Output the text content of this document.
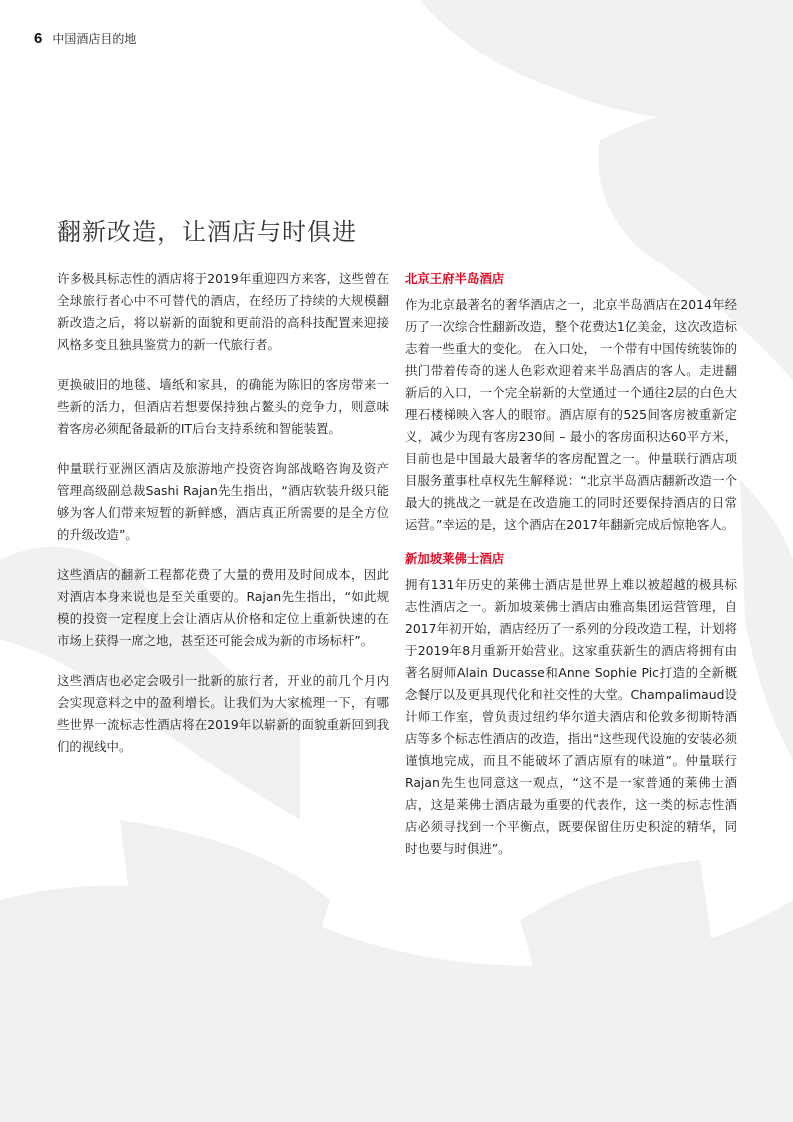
6 中国酒店目的地
翻新改造，让酒店与时俱进

许多极具标志性的酒店将于2019年重迎四方来客，这些曾在全球旅行者心中不可替代的酒店，在经历了持续的大规模翻新改造之后，将以崭新的面貌和更前沿的高科技配置来迎接风格多变且独具鉴赏力的新一代旅行者。

更换破旧的地毯、墙纸和家具，的确能为陈旧的客房带来一些新的活力，但酒店若想要保持独占鳌头的竞争力，则意味着客房必须配备最新的IT后台支持系统和智能装置。

仲量联行亚洲区酒店及旅游地产投资咨询部战略咨询及资产管理高级副总裁Sashi Rajan先生指出，“酒店软装升级只能够为客人们带来短暂的新鲜感，酒店真正所需要的是全方位的升级改造”。

这些酒店的翻新工程都花费了大量的费用及时间成本，因此对酒店本身来说也是至关重要的。Rajan先生指出，“如此规模的投资一定程度上会让酒店从价格和定位上重新快速的在市场上获得一席之地，甚至还可能会成为新的市场标杆”。

这些酒店也必定会吸引一批新的旅行者，开业的前几个月内会实现意料之中的盈利增长。让我们为大家梳理一下，有哪些世界一流标志性酒店将在2019年以崭新的面貌重新回到我们的视线中。

北京王府半岛酒店

作为北京最著名的奢华酒店之一，北京半岛酒店在2014年经历了一次综合性翻新改造，整个花费达1亿美金，这次改造标志着一些重大的变化。 在入口处， 一个带有中国传统装饰的拱门带着传奇的迷人色彩欢迎着来半岛酒店的客人。走进翻新后的入口，一个完全崭新的大堂通过一个通往2层的白色大理石楼梯映入客人的眼帘。酒店原有的525间客房被重新定义，减少为现有客房230间 – 最小的客房面积达60平方米，目前也是中国最大最奢华的客房配置之一。仲量联行酒店项目服务董事杜卓权先生解释说：“北京半岛酒店翻新改造一个最大的挑战之一就是在改造施工的同时还要保持酒店的日常运营。”幸运的是，这个酒店在2017年翻新完成后惊艳客人。

新加坡莱佛士酒店

拥有131年历史的莱佛士酒店是世界上难以被超越的极具标志性酒店之一。新加坡莱佛士酒店由雅高集团运营管理，自2017年初开始，酒店经历了一系列的分段改造工程，计划将于2019年8月重新开始营业。这家重获新生的酒店将拥有由著名厨师Alain Ducasse和Anne Sophie Pic打造的全新概念餐厅以及更具现代化和社交性的大堂。Champalimaud设计师工作室，曾负责过纽约华尔道夫酒店和伦敦多彻斯特酒店等多个标志性酒店的改造，指出“这些现代设施的安装必须谨慎地完成，而且不能破坏了酒店原有的味道”。仲量联行Rajan先生也同意这一观点，“这不是一家普通的莱佛士酒店，这是莱佛士酒店最为重要的代表作，这一类的标志性酒店必须寻找到一个平衡点，既要保留住历史积淀的精华，同时也要与时俱进”。
